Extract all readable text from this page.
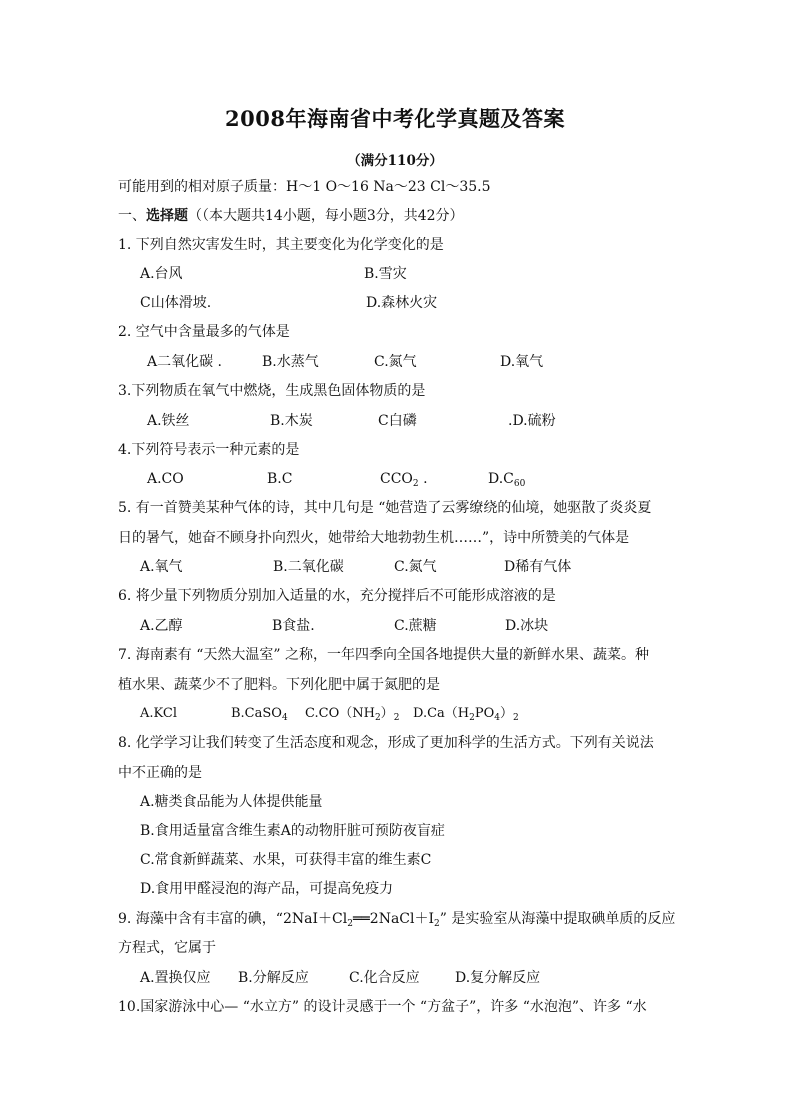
2008年海南省中考化学真题及答案
（满分110分）
可能用到的相对原子质量：H～1 O～16 Na～23 Cl～35.5
一、选择题（（本大题共14小题，每小题3分，共42分）
1. 下列自然灾害发生时，其主要变化为化学变化的是
A.台风	B.雪灾
C山体滑坡.	D.森林火灾
2. 空气中含量最多的气体是
A二氧化碳 .	B.水蒸气	C.氮气	D.氧气
3.下列物质在氧气中燃烧，生成黑色固体物质的是
A.铁丝	B.木炭	C白磷	.D.硫粉
4.下列符号表示一种元素的是
A.CO	B.C	$CCO_2$ .	$D.C_{60}$
5. 有一首赞美某种气体的诗，其中几句是 “她营造了云雾缭绕的仙境，她驱散了炎炎夏
日的暑气，她奋不顾身扑向烈火，她带给大地勃勃生机……”，诗中所赞美的气体是
A.氧气	B.二氧化碳	C.氮气	D稀有气体
6. 将少量下列物质分别加入适量的水，充分搅拌后不可能形成溶液的是
A.乙醇	B食盐.	C.蔗糖	D.冰块
7. 海南素有 “天然大温室” 之称，一年四季向全国各地提供大量的新鲜水果、蔬菜。种
植水果、蔬菜少不了肥料。下列化肥中属于氮肥的是
A.KCl	B.CaSO$_4$ $C.CO(NH_2)_2$ $D.Ca(H_2PO_4)_2$
8. 化学学习让我们转变了生活态度和观念，形成了更加科学的生活方式。下列有关说法
中不正确的是
A.糖类食品能为人体提供能量
B.食用适量富含维生素A的动物肝脏可预防夜盲症
C.常食新鲜蔬菜、水果，可获得丰富的维生素C
D.食用甲醛浸泡的海产品，可提高免疫力
9. 海藻中含有丰富的碘，“$2NaI+Cl_2══2NaCl+I_2$” 是实验室从海藻中提取碘单质的反应
方程式，它属于
A.置换仅应 B.分解反应	C.化合反应	D.复分解反应
10.国家游泳中心— “水立方” 的设计灵感于一个 “方盆子”，许多 “水泡泡”、许多 “水
